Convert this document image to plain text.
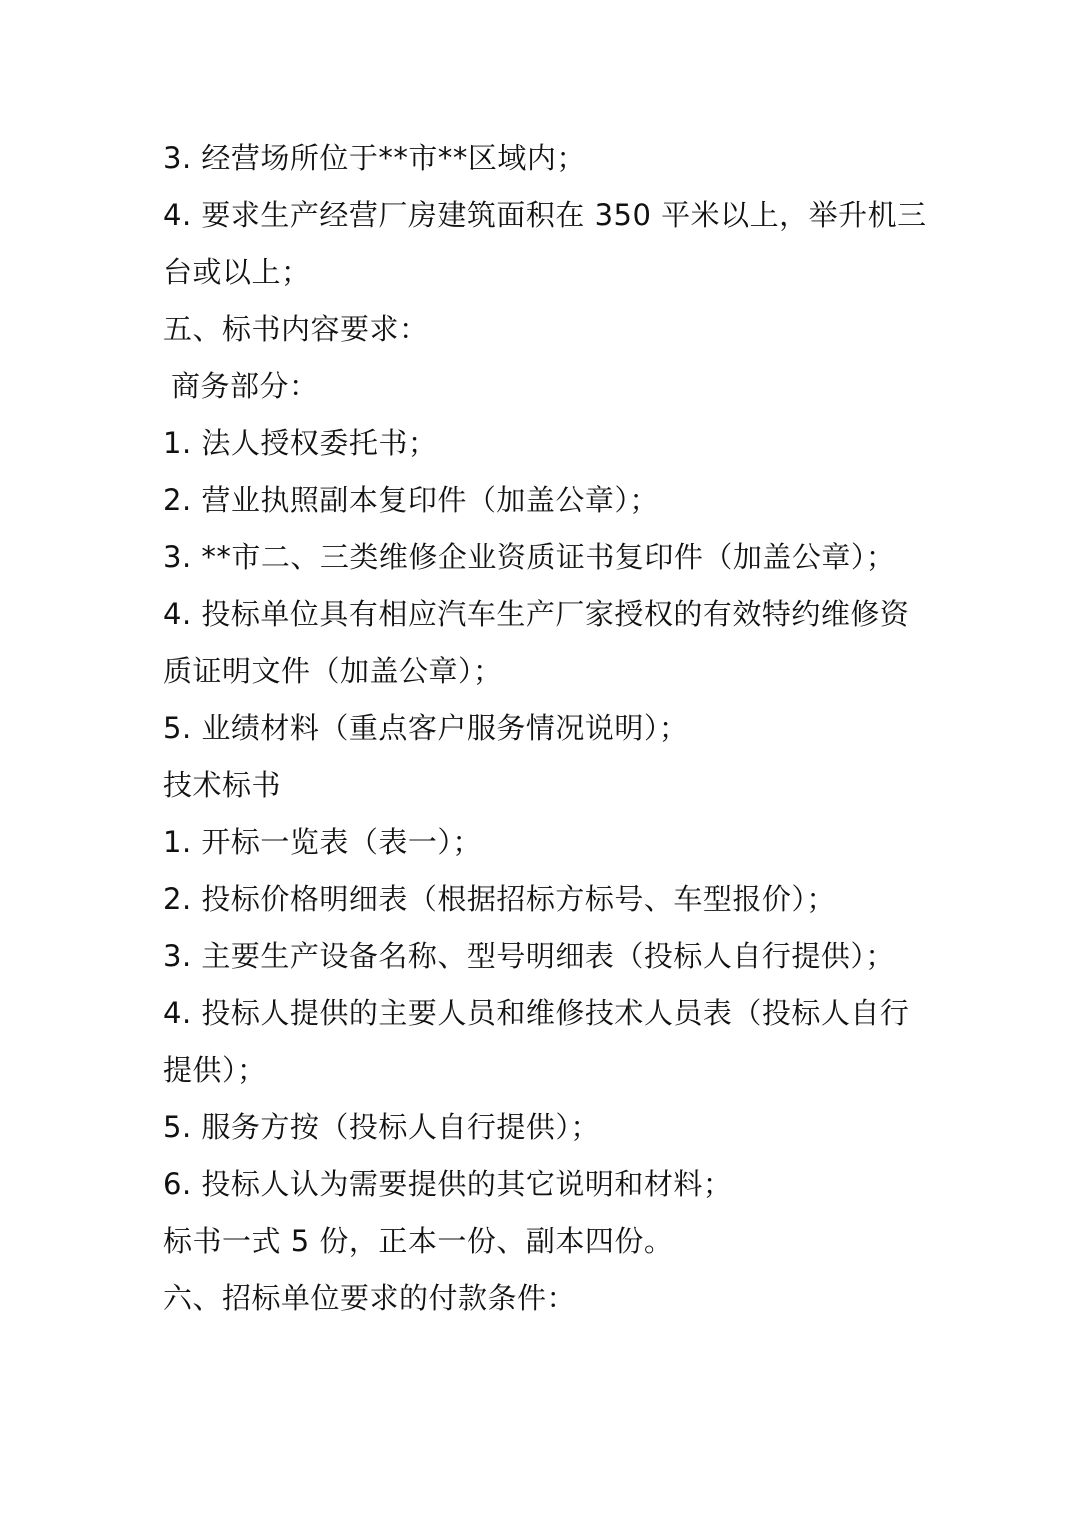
3. 经营场所位于**市**区域内；
4. 要求生产经营厂房建筑面积在 350 平米以上，举升机三
台或以上；
五、标书内容要求：
商务部分：
1. 法人授权委托书；
2. 营业执照副本复印件（加盖公章）；
3. **市二、三类维修企业资质证书复印件（加盖公章）；
4. 投标单位具有相应汽车生产厂家授权的有效特约维修资
质证明文件（加盖公章）；
5. 业绩材料（重点客户服务情况说明）；
技术标书
1. 开标一览表（表一）；
2. 投标价格明细表（根据招标方标号、车型报价）；
3. 主要生产设备名称、型号明细表（投标人自行提供）；
4. 投标人提供的主要人员和维修技术人员表（投标人自行
提供）；
5. 服务方按（投标人自行提供）；
6. 投标人认为需要提供的其它说明和材料；
标书一式 5 份，正本一份、副本四份。
六、招标单位要求的付款条件：
